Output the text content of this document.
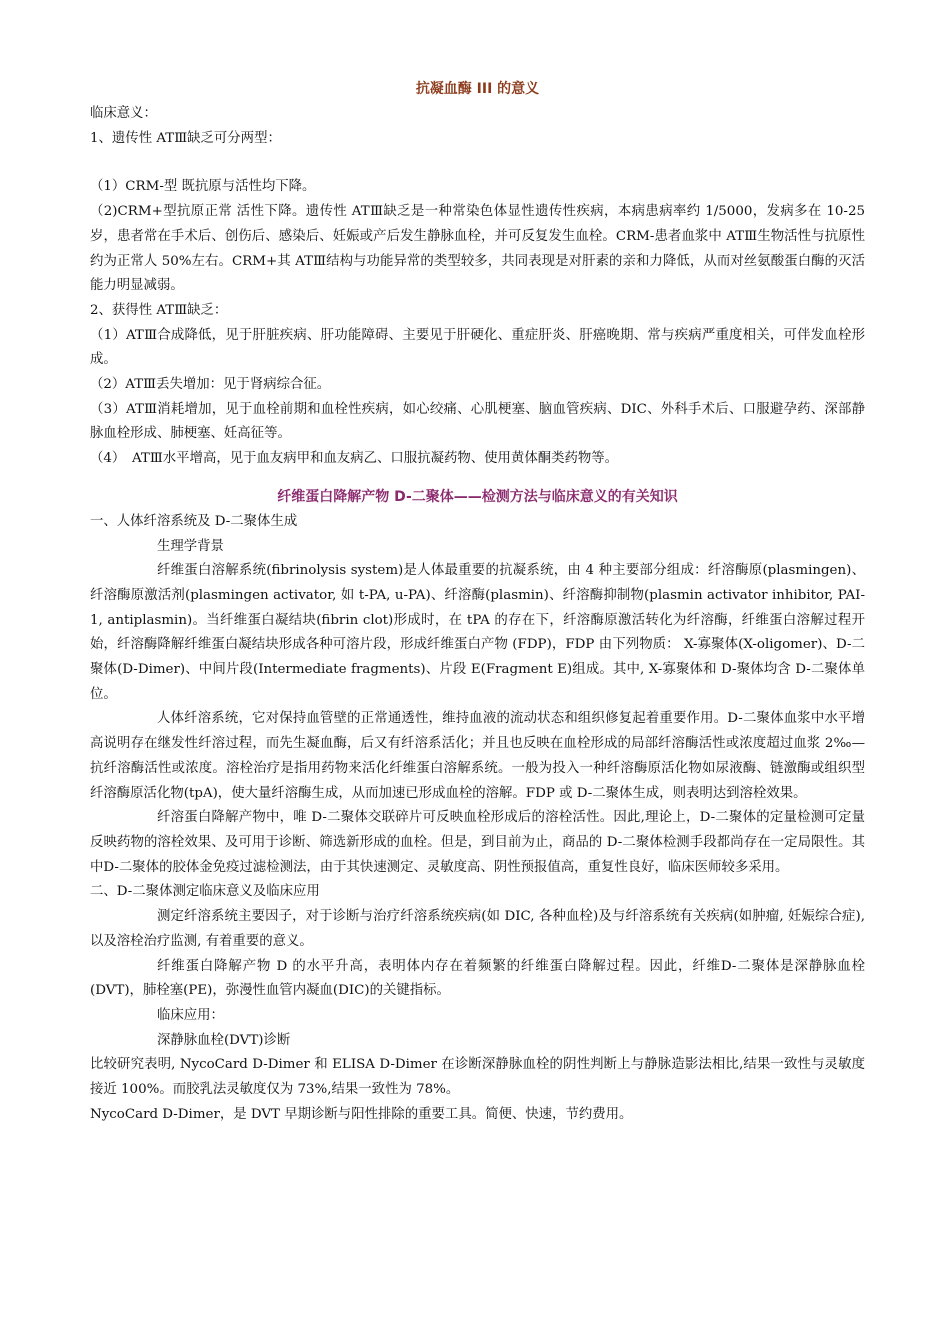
抗凝血酶 III 的意义

临床意义：

1、遗传性 ATⅢ缺乏可分两型：

（1）CRM-型 既抗原与活性均下降。

（2)CRM+型抗原正常 活性下降。遗传性 ATⅢ缺乏是一种常染色体显性遗传性疾病，本病患病率约 1/5000，发病多在 10-25 岁，患者常在手术后、创伤后、感染后、妊娠或产后发生静脉血栓，并可反复发生血栓。CRM-患者血浆中 ATⅢ生物活性与抗原性约为正常人 50%左右。CRM+其 ATⅢ结构与功能异常的类型较多，共同表现是对肝素的亲和力降低，从而对丝氨酸蛋白酶的灭活能力明显减弱。

2、获得性 ATⅢ缺乏：

（1）ATⅢ合成降低，见于肝脏疾病、肝功能障碍、主要见于肝硬化、重症肝炎、肝癌晚期、常与疾病严重度相关，可伴发血栓形成。

（2）ATⅢ丢失增加：见于肾病综合征。

（3）ATⅢ消耗增加，见于血栓前期和血栓性疾病，如心绞痛、心肌梗塞、脑血管疾病、DIC、外科手术后、口服避孕药、深部静脉血栓形成、肺梗塞、妊高征等。

（4）　ATⅢ水平增高，见于血友病甲和血友病乙、口服抗凝药物、使用黄体酮类药物等。

纤维蛋白降解产物 D-二聚体——检测方法与临床意义的有关知识

一、人体纤溶系统及 D-二聚体生成

生理学背景

纤维蛋白溶解系统(fibrinolysis system)是人体最重要的抗凝系统，由 4 种主要部分组成：纤溶酶原(plasmingen)、纤溶酶原激活剂(plasmingen activator, 如 t-PA, u-PA)、纤溶酶(plasmin)、纤溶酶抑制物(plasmin activator inhibitor, PAI-1, antiplasmin)。当纤维蛋白凝结块(fibrin clot)形成时，在 tPA 的存在下，纤溶酶原激活转化为纤溶酶，纤维蛋白溶解过程开始，纤溶酶降解纤维蛋白凝结块形成各种可溶片段，形成纤维蛋白产物 (FDP)，FDP 由下列物质： X-寡聚体(X-oligomer)、D-二聚体(D-Dimer)、中间片段(Intermediate fragments)、片段 E(Fragment E)组成。其中, X-寡聚体和 D-聚体均含 D-二聚体单位。

人体纤溶系统，它对保持血管壁的正常通透性，维持血液的流动状态和组织修复起着重要作用。D-二聚体血浆中水平增高说明存在继发性纤溶过程，而先生凝血酶，后又有纤溶系活化；并且也反映在血栓形成的局部纤溶酶活性或浓度超过血浆 2‰—抗纤溶酶活性或浓度。溶栓治疗是指用药物来活化纤维蛋白溶解系统。一般为投入一种纤溶酶原活化物如尿液酶、链激酶或组织型纤溶酶原活化物(tpA)，使大量纤溶酶生成，从而加速已形成血栓的溶解。FDP 或 D-二聚体生成，则表明达到溶栓效果。

纤溶蛋白降解产物中，唯 D-二聚体交联碎片可反映血栓形成后的溶栓活性。因此,理论上，D-二聚体的定量检测可定量反映药物的溶栓效果、及可用于诊断、筛选新形成的血栓。但是，到目前为止，商品的 D-二聚体检测手段都尚存在一定局限性。其中D-二聚体的胶体金免疫过滤检测法，由于其快速测定、灵敏度高、阴性预报值高，重复性良好，临床医师较多采用。

二、D-二聚体测定临床意义及临床应用

测定纤溶系统主要因子，对于诊断与治疗纤溶系统疾病(如 DIC, 各种血栓)及与纤溶系统有关疾病(如肿瘤, 妊娠综合症), 以及溶栓治疗监测, 有着重要的意义。

纤维蛋白降解产物 D 的水平升高，表明体内存在着频繁的纤维蛋白降解过程。因此，纤维D-二聚体是深静脉血栓(DVT)，肺栓塞(PE)，弥漫性血管内凝血(DIC)的关键指标。

临床应用：

深静脉血栓(DVT)诊断

比较研究表明, NycoCard D-Dimer 和 ELISA D-Dimer 在诊断深静脉血栓的阴性判断上与静脉造影法相比,结果一致性与灵敏度接近 100%。而胶乳法灵敏度仅为 73%,结果一致性为 78%。

NycoCard D-Dimer，是 DVT 早期诊断与阳性排除的重要工具。简便、快速，节约费用。
